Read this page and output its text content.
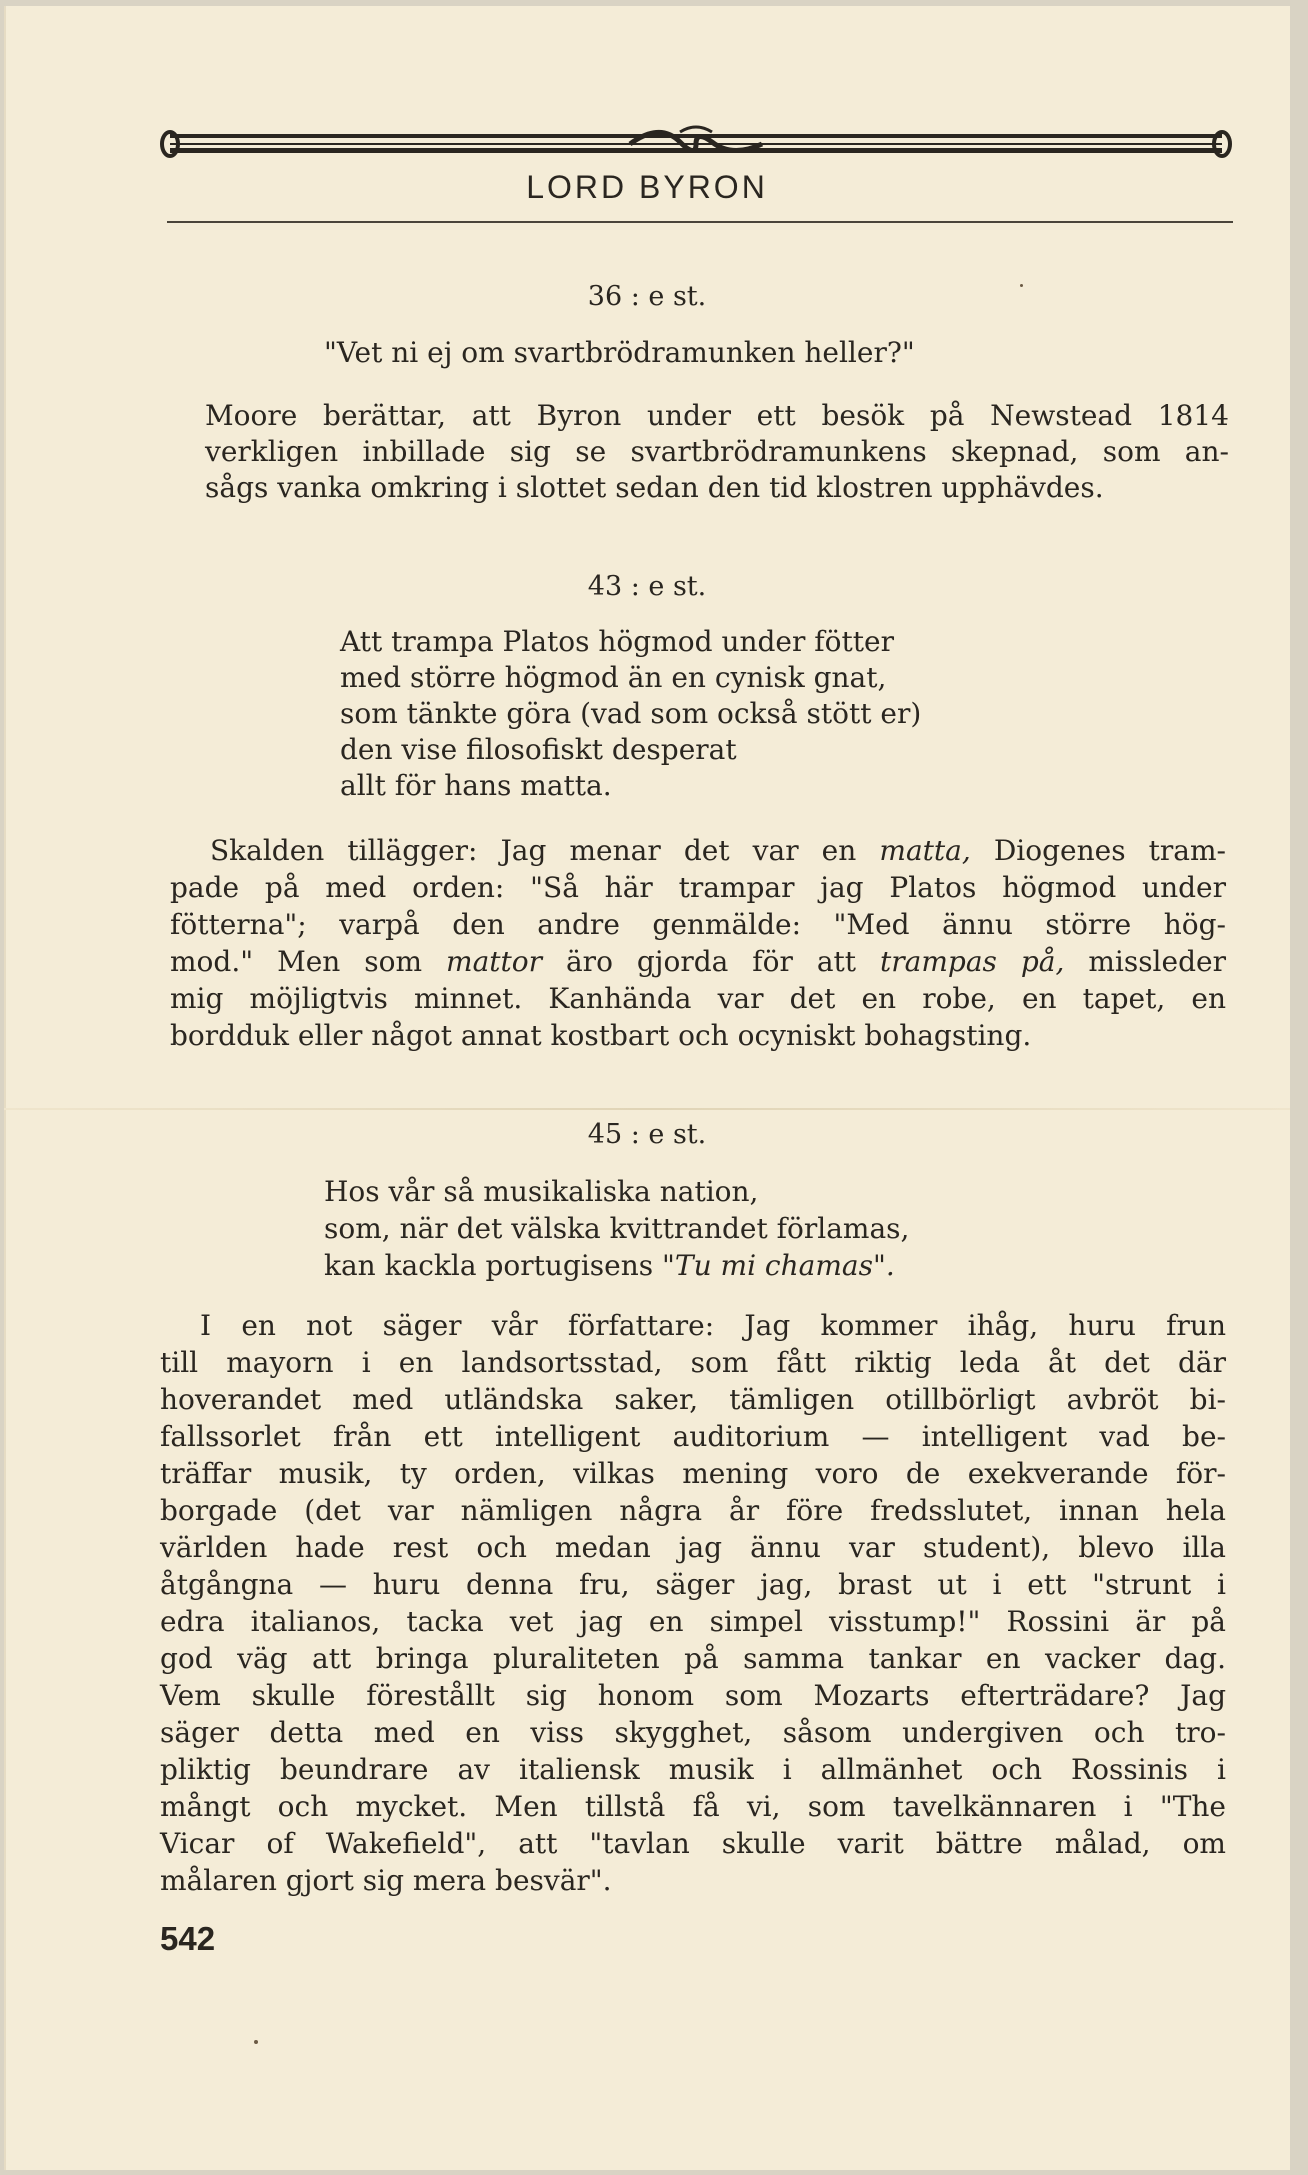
LORD BYRON
36 : e st.
"Vet ni ej om svartbrödramunken heller?"
Moore berättar, att Byron under ett besök på Newstead 1814
verkligen inbillade sig se svartbrödramunkens skepnad, som an-
sågs vanka omkring i slottet sedan den tid klostren upphävdes.
43 : e st.
Att trampa Platos högmod under fötter
med större högmod än en cynisk gnat,
som tänkte göra (vad som också stött er)
den vise filosofiskt desperat
allt för hans matta.
Skalden tillägger: Jag menar det var en matta, Diogenes tram-
pade på med orden: "Så här trampar jag Platos högmod under
fötterna"; varpå den andre genmälde: "Med ännu större hög-
mod." Men som mattor äro gjorda för att trampas på, missleder
mig möjligtvis minnet. Kanhända var det en robe, en tapet, en
bordduk eller något annat kostbart och ocyniskt bohagsting.
45 : e st.
Hos vår så musikaliska nation,
som, när det välska kvittrandet förlamas,
kan kackla portugisens "Tu mi chamas".
I en not säger vår författare: Jag kommer ihåg, huru frun
till mayorn i en landsortsstad, som fått riktig leda åt det där
hoverandet med utländska saker, tämligen otillbörligt avbröt bi-
fallssorlet från ett intelligent auditorium — intelligent vad be-
träffar musik, ty orden, vilkas mening voro de exekverande för-
borgade (det var nämligen några år före fredsslutet, innan hela
världen hade rest och medan jag ännu var student), blevo illa
åtgångna — huru denna fru, säger jag, brast ut i ett "strunt i
edra italianos, tacka vet jag en simpel visstump!" Rossini är på
god väg att bringa pluraliteten på samma tankar en vacker dag.
Vem skulle förestållt sig honom som Mozarts efterträdare? Jag
säger detta med en viss skygghet, såsom undergiven och tro-
pliktig beundrare av italiensk musik i allmänhet och Rossinis i
mångt och mycket. Men tillstå få vi, som tavelkännaren i "The
Vicar of Wakefield", att "tavlan skulle varit bättre målad, om
målaren gjort sig mera besvär".
542
